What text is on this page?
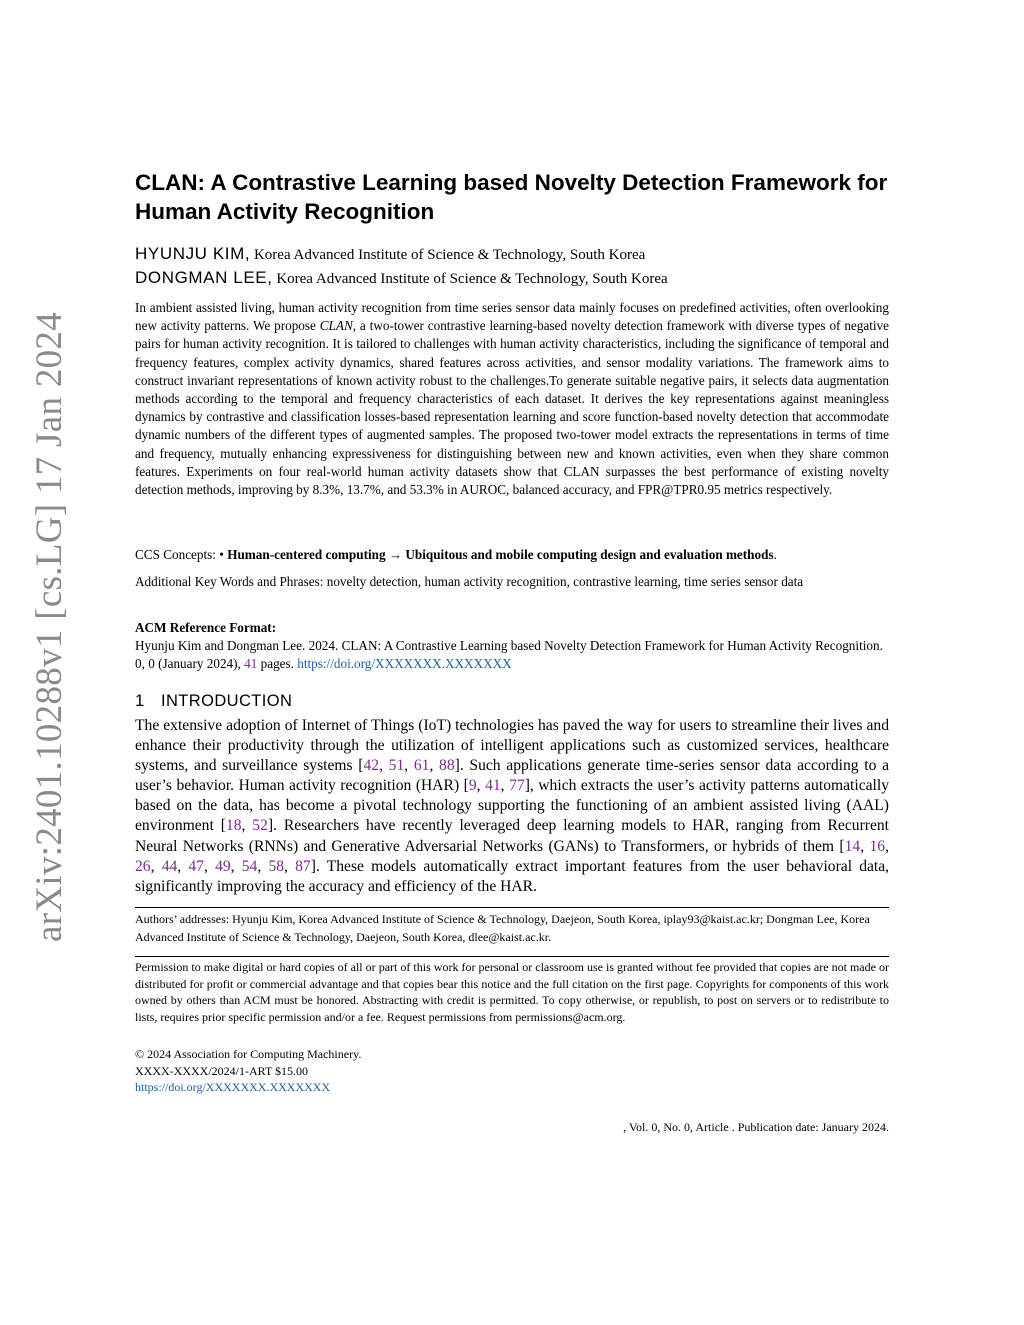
arXiv:2401.10288v1 [cs.LG] 17 Jan 2024
CLAN: A Contrastive Learning based Novelty Detection Framework for Human Activity Recognition
HYUNJU KIM, Korea Advanced Institute of Science & Technology, South Korea
DONGMAN LEE, Korea Advanced Institute of Science & Technology, South Korea

In ambient assisted living, human activity recognition from time series sensor data mainly focuses on predefined activities, often overlooking new activity patterns. We propose CLAN, a two-tower contrastive learning-based novelty detection framework with diverse types of negative pairs for human activity recognition. It is tailored to challenges with human activity characteristics, including the significance of temporal and frequency features, complex activity dynamics, shared features across activities, and sensor modality variations. The framework aims to construct invariant representations of known activity robust to the challenges.To generate suitable negative pairs, it selects data augmentation methods according to the temporal and frequency characteristics of each dataset. It derives the key representations against meaningless dynamics by contrastive and classification losses-based representation learning and score function-based novelty detection that accommodate dynamic numbers of the different types of augmented samples. The proposed two-tower model extracts the representations in terms of time and frequency, mutually enhancing expressiveness for distinguishing between new and known activities, even when they share common features. Experiments on four real-world human activity datasets show that CLAN surpasses the best performance of existing novelty detection methods, improving by 8.3%, 13.7%, and 53.3% in AUROC, balanced accuracy, and FPR@TPR0.95 metrics respectively.

CCS Concepts: • Human-centered computing → Ubiquitous and mobile computing design and evaluation methods.

Additional Key Words and Phrases: novelty detection, human activity recognition, contrastive learning, time series sensor data

ACM Reference Format:
Hyunju Kim and Dongman Lee. 2024. CLAN: A Contrastive Learning based Novelty Detection Framework for Human Activity Recognition. 0, 0 (January 2024), 41 pages. https://doi.org/XXXXXXX.XXXXXXX
1 INTRODUCTION

The extensive adoption of Internet of Things (IoT) technologies has paved the way for users to streamline their lives and enhance their productivity through the utilization of intelligent applications such as customized services, healthcare systems, and surveillance systems [42, 51, 61, 88]. Such applications generate time-series sensor data according to a user’s behavior. Human activity recognition (HAR) [9, 41, 77], which extracts the user’s activity patterns automatically based on the data, has become a pivotal technology supporting the functioning of an ambient assisted living (AAL) environment [18, 52]. Researchers have recently leveraged deep learning models to HAR, ranging from Recurrent Neural Networks (RNNs) and Generative Adversarial Networks (GANs) to Transformers, or hybrids of them [14, 16, 26, 44, 47, 49, 54, 58, 87]. These models automatically extract important features from the user behavioral data, significantly improving the accuracy and efficiency of the HAR.

Authors’ addresses: Hyunju Kim, Korea Advanced Institute of Science & Technology, Daejeon, South Korea, iplay93@kaist.ac.kr; Dongman Lee, Korea Advanced Institute of Science & Technology, Daejeon, South Korea, dlee@kaist.ac.kr.

Permission to make digital or hard copies of all or part of this work for personal or classroom use is granted without fee provided that copies are not made or distributed for profit or commercial advantage and that copies bear this notice and the full citation on the first page. Copyrights for components of this work owned by others than ACM must be honored. Abstracting with credit is permitted. To copy otherwise, or republish, to post on servers or to redistribute to lists, requires prior specific permission and/or a fee. Request permissions from permissions@acm.org.

© 2024 Association for Computing Machinery.
XXXX-XXXX/2024/1-ART $15.00
https://doi.org/XXXXXXX.XXXXXXX
, Vol. 0, No. 0, Article . Publication date: January 2024.
